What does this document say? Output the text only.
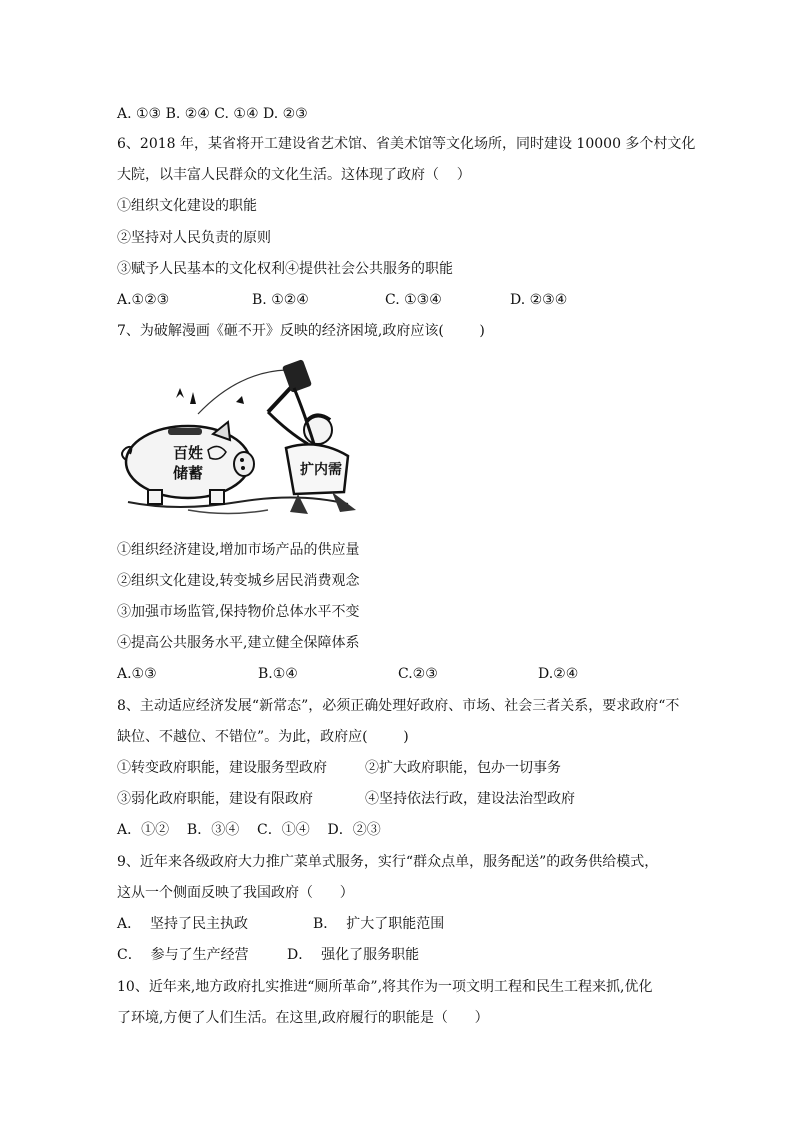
A. ①③ B. ②④ C. ①④ D. ②③
6、2018 年，某省将开工建设省艺术馆、省美术馆等文化场所，同时建设 10000 多个村文化
大院，以丰富人民群众的文化生活。这体现了政府（    ）
①组织文化建设的职能
②坚持对人民负责的原则
③赋予人民基本的文化权利④提供社会公共服务的职能
A.①②③	B. ①②④	C. ①③④	D. ②③④
7、为破解漫画《砸不开》反映的经济困境,政府应该(        )
百姓
储蓄	扩内需
①组织经济建设,增加市场产品的供应量
②组织文化建设,转变城乡居民消费观念
③加强市场监管,保持物价总体水平不变
④提高公共服务水平,建立健全保障体系
A.①③	B.①④	C.②③	D.②④
8、主动适应经济发展“新常态”，必须正确处理好政府、市场、社会三者关系，要求政府“不
缺位、不越位、不错位”。为此，政府应(        )
①转变政府职能，建设服务型政府	②扩大政府职能，包办一切事务
③弱化政府职能，建设有限政府	④坚持依法行政，建设法治型政府
A．①②    B．③④    C．①④    D．②③
9、近年来各级政府大力推广菜单式服务，实行“群众点单，服务配送”的政务供给模式，
这从一个侧面反映了我国政府（      ）
A．  坚持了民主执政	B．  扩大了职能范围
C．  参与了生产经营	D．  强化了服务职能
10、近年来,地方政府扎实推进“厕所革命”,将其作为一项文明工程和民生工程来抓,优化
了环境,方便了人们生活。在这里,政府履行的职能是（      ）
